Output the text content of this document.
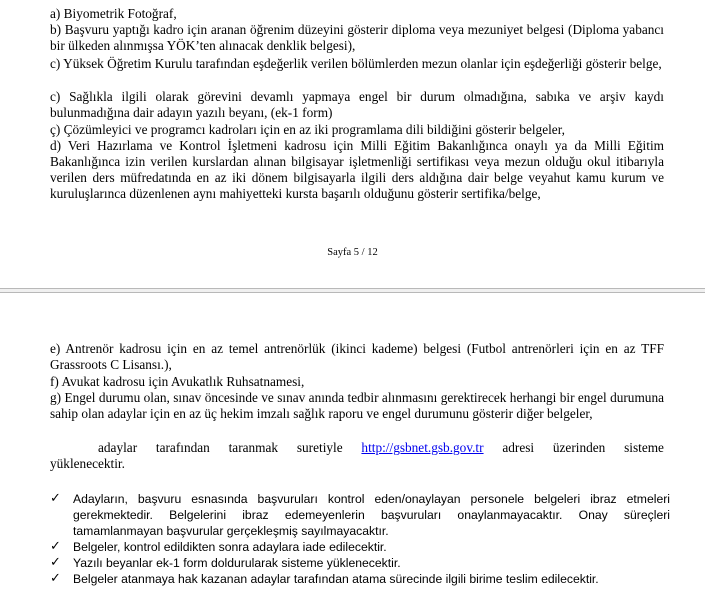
a) Biyometrik Fotoğraf,

b) Başvuru yaptığı kadro için aranan öğrenim düzeyini gösterir diploma veya mezuniyet belgesi (Diploma yabancı bir ülkeden alınmışsa YÖK’ten alınacak denklik belgesi),

c) Yüksek Öğretim Kurulu tarafından eşdeğerlik verilen bölümlerden mezun olanlar için eşdeğerliği gösterir belge,

c) Sağlıkla ilgili olarak görevini devamlı yapmaya engel bir durum olmadığına, sabıka ve arşiv kaydı bulunmadığına dair adayın yazılı beyanı, (ek-1 form)

ç) Çözümleyici ve programcı kadroları için en az iki programlama dili bildiğini gösterir belgeler,

d) Veri Hazırlama ve Kontrol İşletmeni kadrosu için Milli Eğitim Bakanlığınca onaylı ya da Milli Eğitim Bakanlığınca izin verilen kurslardan alınan bilgisayar işletmenliği sertifikası veya mezun olduğu okul itibarıyla verilen ders müfredatında en az iki dönem bilgisayarla ilgili ders aldığına dair belge veyahut kamu kurum ve kuruluşlarınca düzenlenen aynı mahiyetteki kursta başarılı olduğunu gösterir sertifika/belge,

Sayfa 5 / 12

e) Antrenör kadrosu için en az temel antrenörlük (ikinci kademe) belgesi (Futbol antrenörleri için en az TFF Grassroots C Lisansı.),

f) Avukat kadrosu için Avukatlık Ruhsatnamesi,

g) Engel durumu olan, sınav öncesinde ve sınav anında tedbir alınmasını gerektirecek herhangi bir engel durumuna sahip olan adaylar için en az üç hekim imzalı sağlık raporu ve engel durumunu gösterir diğer belgeler,

adaylar tarafından taranmak suretiyle http://gsbnet.gsb.gov.tr adresi üzerinden sisteme
yüklenecektir.
✓ Adayların, başvuru esnasında başvuruları kontrol eden/onaylayan personele belgeleri ibraz etmeleri gerekmektedir. Belgelerini ibraz edemeyenlerin başvuruları onaylanmayacaktır. Onay süreçleri tamamlanmayan başvurular gerçekleşmiş sayılmayacaktır.
✓ Belgeler, kontrol edildikten sonra adaylara iade edilecektir.
✓ Yazılı beyanlar ek-1 form doldurularak sisteme yüklenecektir.
✓ Belgeler atanmaya hak kazanan adaylar tarafından atama sürecinde ilgili birime teslim edilecektir.
